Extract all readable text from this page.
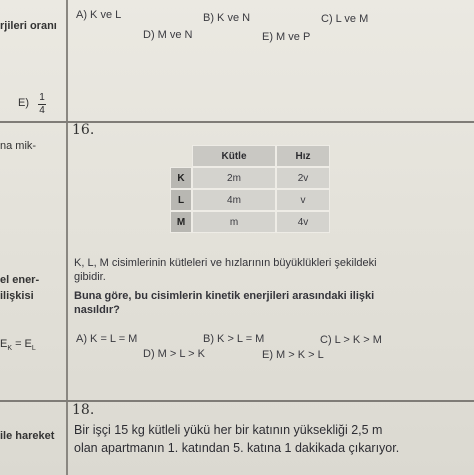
rjileri oranı
E) 1
4
na mik-
el ener-
ilişkisi
$E_K = E_L$
ile hareket
A) K ve L	B) K ve N	C) L ve M
D) M ve N	E) M ve P
16.
	Kütle	Hız
K	2m	2v
L	4m	v
M	m	4v
K, L, M cisimlerinin kütleleri ve hızlarının büyüklükleri şekildeki
gibidir.
Buna göre, bu cisimlerin kinetik enerjileri arasındaki ilişki
nasıldır?
A) K = L = M	B) K > L = M	C) L > K > M
D) M > L > K	E) M > K > L
18.
Bir işçi 15 kg kütleli yükü her bir katının yüksekliği 2,5 m
olan apartmanın 1. katından 5. katına 1 dakikada çıkarıyor.
